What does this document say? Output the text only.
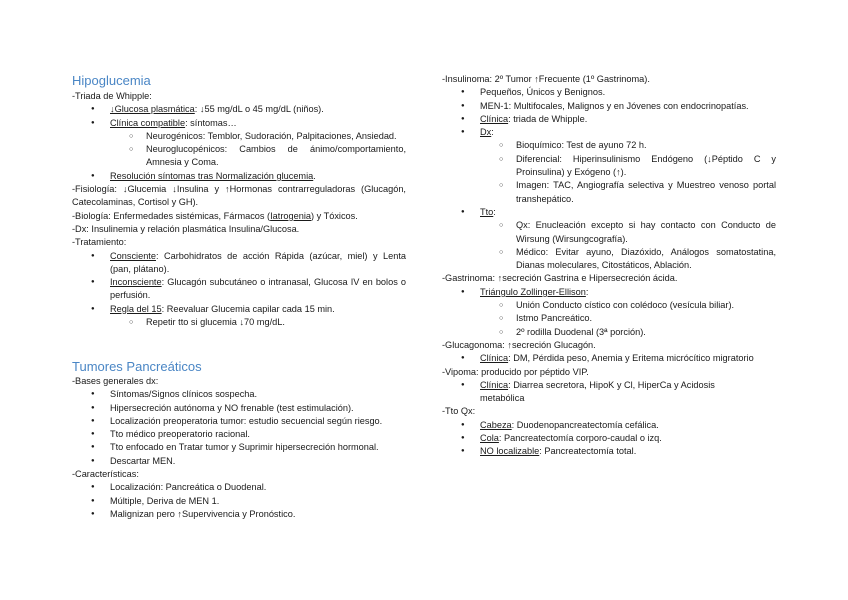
Hipoglucemia
-Triada de Whipple:
● ↓Glucosa plasmática: ↓55 mg/dL o 45 mg/dL (niños).
● Clínica compatible: síntomas…
○ Neurogénicos: Temblor, Sudoración, Palpitaciones, Ansiedad.
○ Neuroglucopénicos: Cambios de ánimo/comportamiento, Amnesia y Coma.
● Resolución síntomas tras Normalización glucemia.
-Fisiología: ↓Glucemia ↓Insulina y ↑Hormonas contrarreguladoras (Glucagón, Catecolaminas, Cortisol y GH).
-Biología: Enfermedades sistémicas, Fármacos (Iatrogenia) y Tóxicos.
-Dx: Insulinemia y relación plasmática Insulina/Glucosa.
-Tratamiento:
● Consciente: Carbohidratos de acción Rápida (azúcar, miel) y Lenta (pan, plátano).
● Inconsciente: Glucagón subcutáneo o intranasal, Glucosa IV en bolos o perfusión.
● Regla del 15: Reevaluar Glucemia capilar cada 15 min.
○ Repetir tto si glucemia ↓70 mg/dL.
Tumores Pancreáticos
-Bases generales dx:
● Síntomas/Signos clínicos sospecha.
● Hipersecreción autónoma y NO frenable (test estimulación).
● Localización preoperatoria tumor: estudio secuencial según riesgo.
● Tto médico preoperatorio racional.
● Tto enfocado en Tratar tumor y Suprimir hipersecreción hormonal.
● Descartar MEN.
-Características:
● Localización: Pancreática o Duodenal.
● Múltiple, Deriva de MEN 1.
● Malignizan pero ↑Supervivencia y Pronóstico.
-Insulinoma: 2º Tumor ↑Frecuente (1º Gastrinoma).
● Pequeños, Únicos y Benignos.
● MEN-1: Multifocales, Malignos y en Jóvenes con endocrinopatías.
● Clínica: triada de Whipple.
● Dx:
○ Bioquímico: Test de ayuno 72 h.
○ Diferencial: Hiperinsulinismo Endógeno (↓Péptido C y Proinsulina) y Exógeno (↑).
○ Imagen: TAC, Angiografía selectiva y Muestreo venoso portal transhepático.
● Tto:
○ Qx: Enucleación excepto si hay contacto con Conducto de Wirsung (Wirsungcografía).
○ Médico: Evitar ayuno, Diazóxido, Análogos somatostatina, Dianas moleculares, Citostáticos, Ablación.
-Gastrinoma: ↑secreción Gastrina e Hipersecreción ácida.
● Triángulo Zollinger-Ellison:
○ Unión Conducto cístico con colédoco (vesícula biliar).
○ Istmo Pancreático.
○ 2º rodilla Duodenal (3ª porción).
-Glucagonoma: ↑secreción Glucagón.
● Clínica: DM, Pérdida peso, Anemia y Eritema micrócítico migratorio
-Vipoma: producido por péptido VIP.
● Clínica: Diarrea secretora, HipoK y Cl, HiperCa y Acidosis metabólica
-Tto Qx:
● Cabeza: Duodenopancreatectomía cefálica.
● Cola: Pancreatectomía corporo-caudal o izq.
● NO localizable: Pancreatectomía total.
